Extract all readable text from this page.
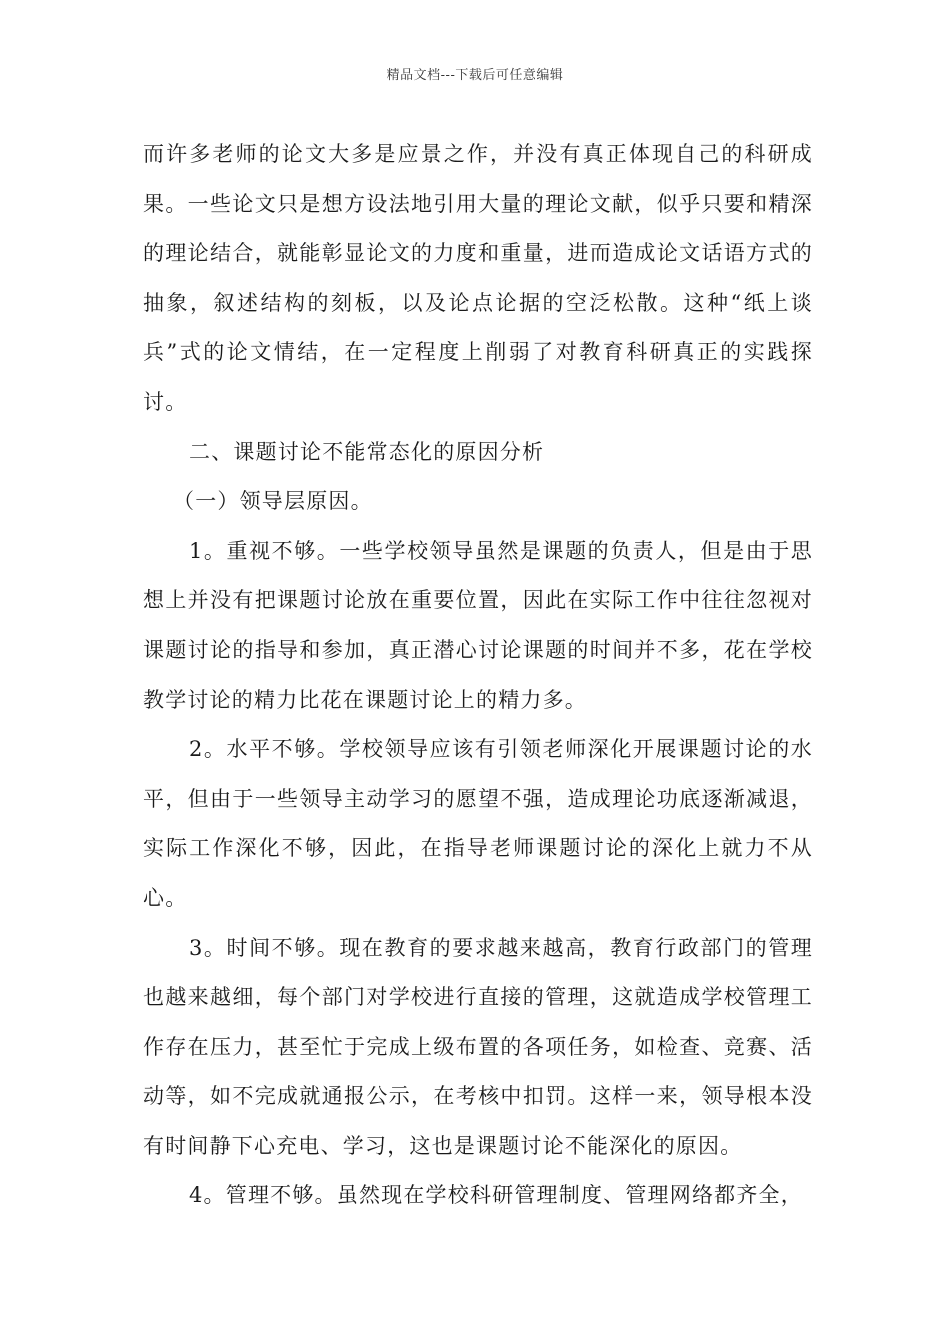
精品文档---下载后可任意编辑

而许多老师的论文大多是应景之作，并没有真正体现自己的科研成果。一些论文只是想方设法地引用大量的理论文献，似乎只要和精深的理论结合，就能彰显论文的力度和重量，进而造成论文话语方式的抽象，叙述结构的刻板，以及论点论据的空泛松散。这种“纸上谈兵”式的论文情结，在一定程度上削弱了对教育科研真正的实践探讨。

二、课题讨论不能常态化的原因分析

（一）领导层原因。

1。重视不够。一些学校领导虽然是课题的负责人，但是由于思想上并没有把课题讨论放在重要位置，因此在实际工作中往往忽视对课题讨论的指导和参加，真正潜心讨论课题的时间并不多，花在学校教学讨论的精力比花在课题讨论上的精力多。

2。水平不够。学校领导应该有引领老师深化开展课题讨论的水平，但由于一些领导主动学习的愿望不强，造成理论功底逐渐减退，实际工作深化不够，因此，在指导老师课题讨论的深化上就力不从心。

3。时间不够。现在教育的要求越来越高，教育行政部门的管理也越来越细，每个部门对学校进行直接的管理，这就造成学校管理工作存在压力，甚至忙于完成上级布置的各项任务，如检查、竞赛、活动等，如不完成就通报公示，在考核中扣罚。这样一来，领导根本没有时间静下心充电、学习，这也是课题讨论不能深化的原因。

4。管理不够。虽然现在学校科研管理制度、管理网络都齐全，
